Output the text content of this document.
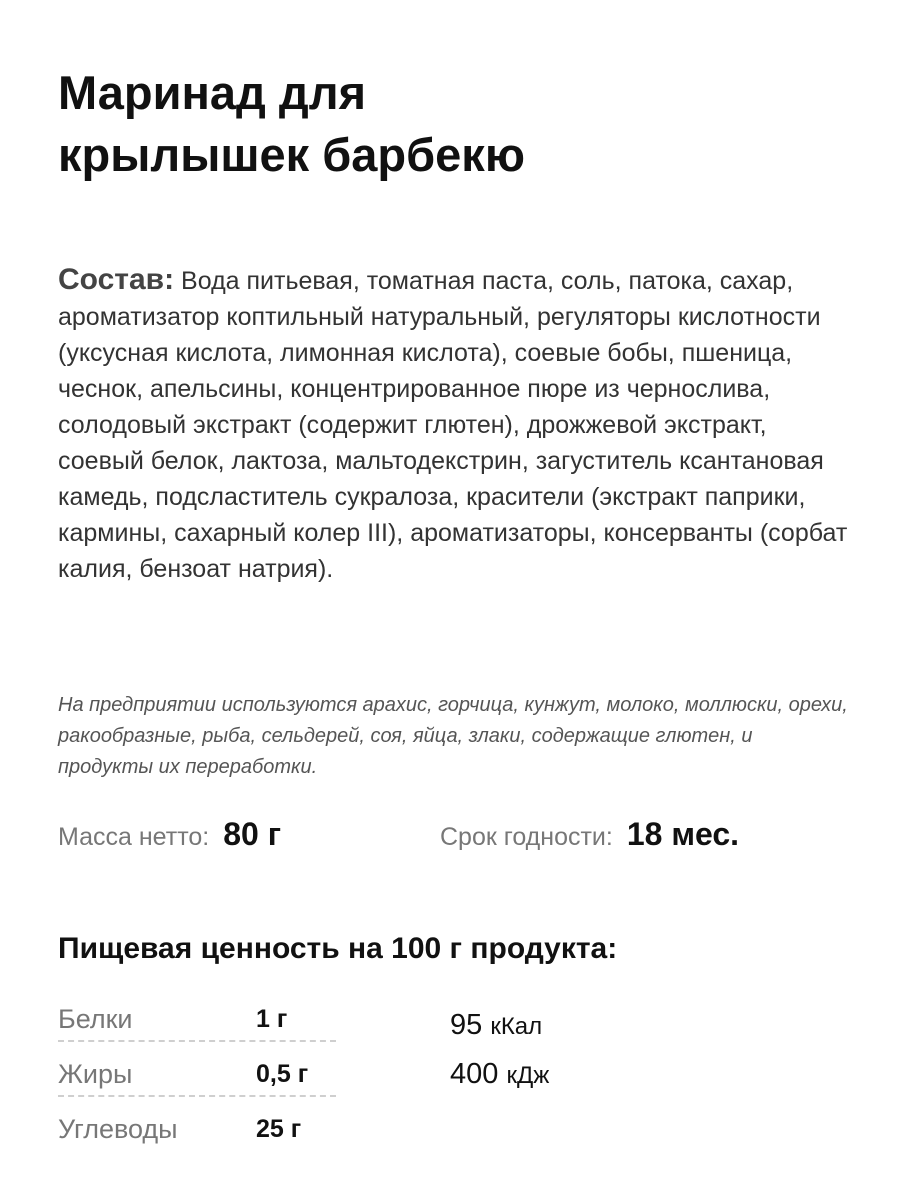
Маринад для
крылышек барбекю

Состав: Вода питьевая, томатная паста, соль, патока, сахар, ароматизатор коптильный натуральный, регуляторы кислотности (уксусная кислота, лимонная кислота), соевые бобы, пшеница, чеснок, апельсины, концентрированное пюре из чернослива, солодовый экстракт (содержит глютен), дрожжевой экстракт, соевый белок, лактоза, мальтодекстрин, загуститель ксантановая камедь, подсластитель сукралоза, красители (экстракт паприки, кармины, сахарный колер III), ароматизаторы, консерванты (сорбат калия, бензоат натрия).

На предприятии используются арахис, горчица, кунжут, молоко, моллюски, орехи, ракообразные, рыба, сельдерей, соя, яйца, злаки, содержащие глютен, и продукты их переработки.

Масса нетто: 80 г	Срок годности: 18 мес.
Пищевая ценность на 100 г продукта:
Белки	1 г
Жиры	0,5 г
Углеводы	25 г
95 кКал
400 кДж
